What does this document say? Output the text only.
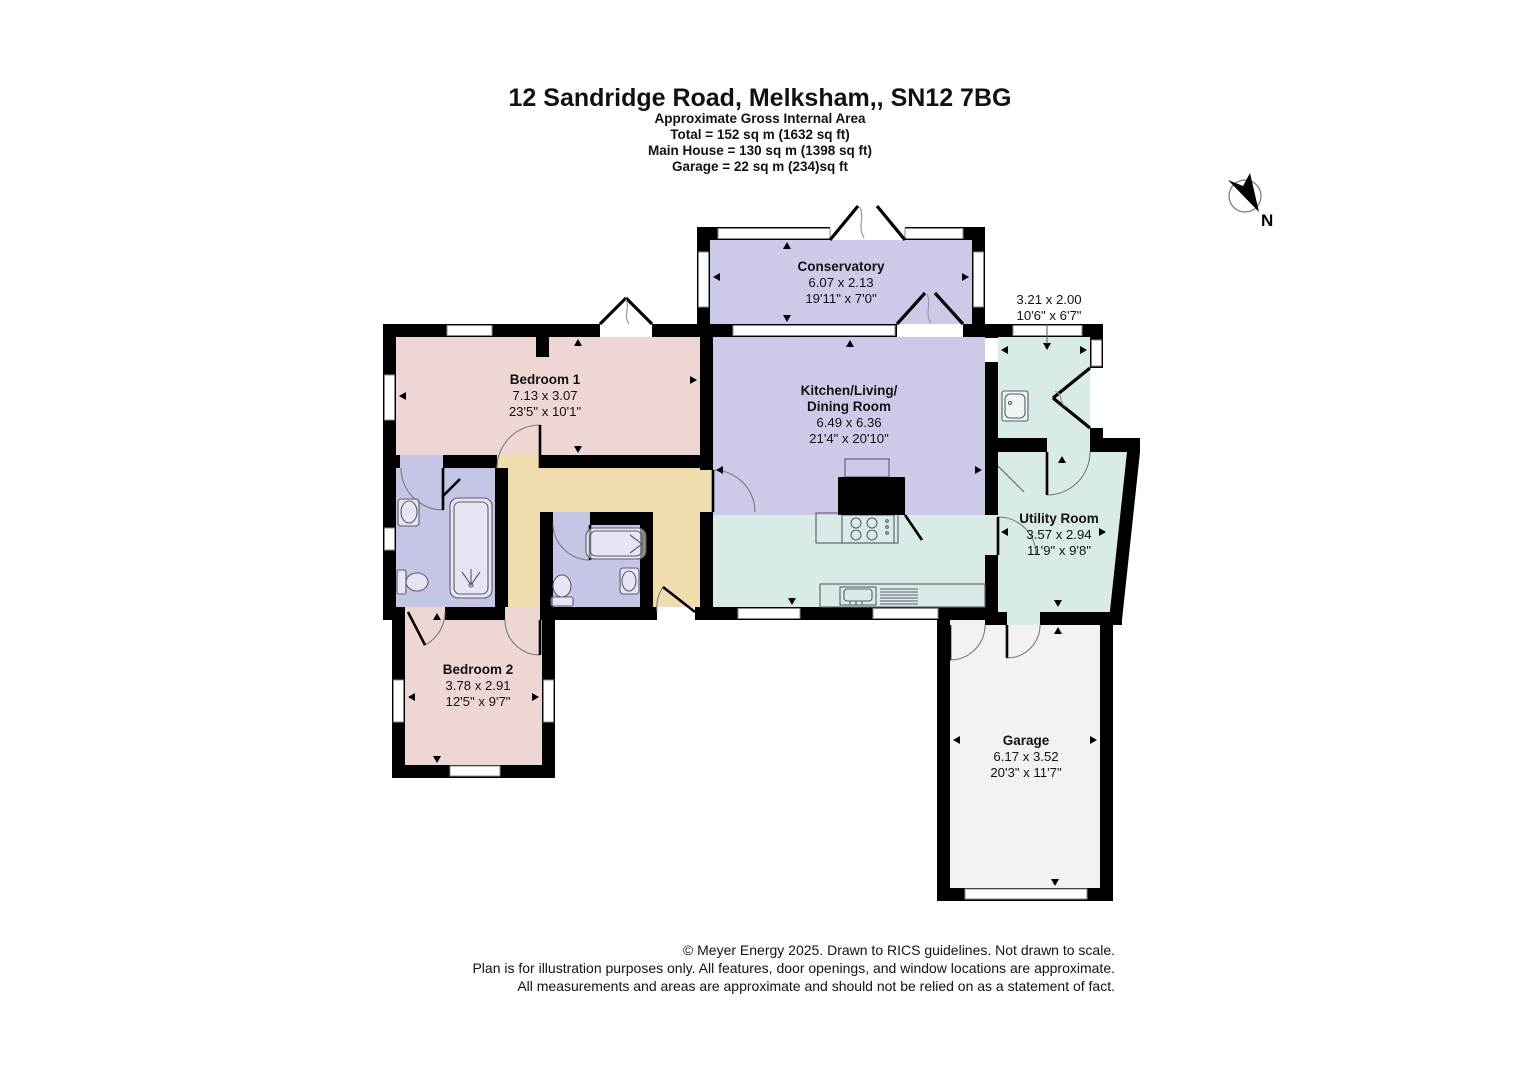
12 Sandridge Road, Melksham,, SN12 7BG
Approximate Gross Internal Area
Total = 152 sq m (1632 sq ft)
Main House = 130 sq m (1398 sq ft)
Garage = 22 sq m (234)sq ft
N
Conservatory
6.07 x 2.13
19'11" x 7'0"
Bedroom 1
7.13 x 3.07
23'5" x 10'1"
Kitchen/Living/
Dining Room
6.49 x 6.36
21'4" x 20'10"
3.21 x 2.00
10'6" x 6'7"
Utility Room
3.57 x 2.94
11'9" x 9'8"
Bedroom 2
3.78 x 2.91
12'5" x 9'7"
Garage
6.17 x 3.52
20'3" x 11'7"
© Meyer Energy 2025. Drawn to RICS guidelines. Not drawn to scale.
Plan is for illustration purposes only. All features, door openings, and window locations are approximate.
All measurements and areas are approximate and should not be relied on as a statement of fact.
